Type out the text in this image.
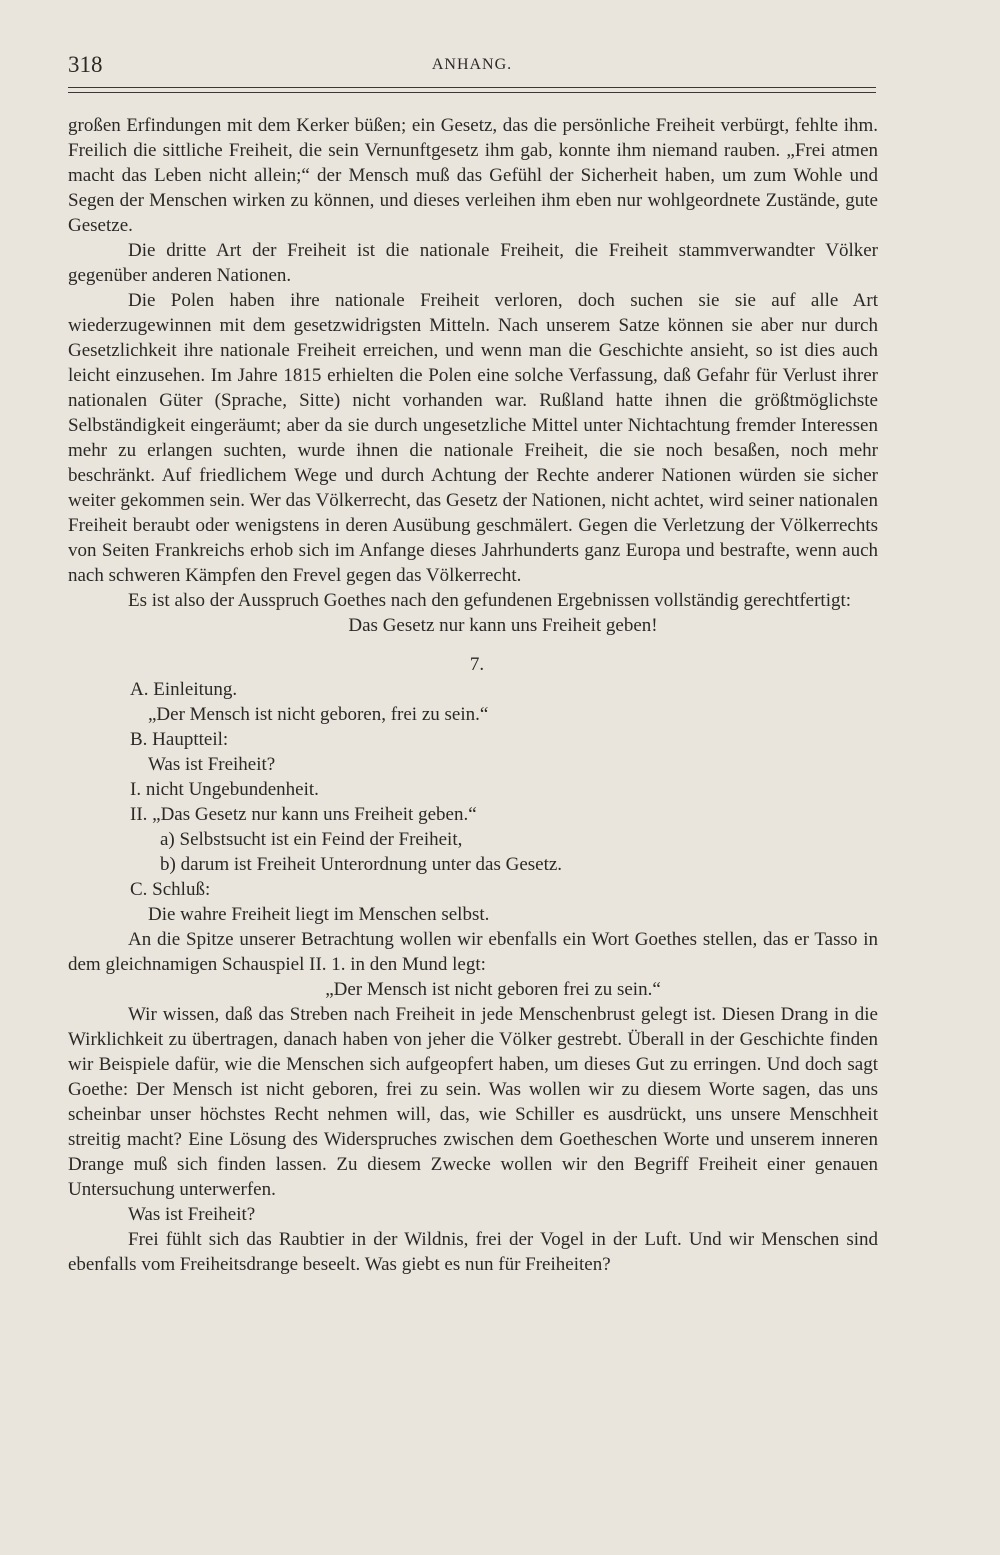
318	ANHANG.

großen Erfindungen mit dem Kerker büßen; ein Gesetz, das die persönliche Freiheit verbürgt, fehlte ihm. Freilich die sittliche Freiheit, die sein Vernunftgesetz ihm gab, konnte ihm niemand rauben. „Frei atmen macht das Leben nicht allein;“ der Mensch muß das Gefühl der Sicherheit haben, um zum Wohle und Segen der Menschen wirken zu können, und dieses verleihen ihm eben nur wohlgeordnete Zustände, gute Gesetze.

Die dritte Art der Freiheit ist die nationale Freiheit, die Freiheit stammverwandter Völker gegenüber anderen Nationen.

Die Polen haben ihre nationale Freiheit verloren, doch suchen sie sie auf alle Art wiederzugewinnen mit dem gesetzwidrigsten Mitteln. Nach unserem Satze können sie aber nur durch Gesetzlichkeit ihre nationale Freiheit erreichen, und wenn man die Geschichte ansieht, so ist dies auch leicht einzusehen. Im Jahre 1815 erhielten die Polen eine solche Verfassung, daß Gefahr für Verlust ihrer nationalen Güter (Sprache, Sitte) nicht vorhanden war. Rußland hatte ihnen die größtmöglichste Selbständigkeit eingeräumt; aber da sie durch ungesetzliche Mittel unter Nichtachtung fremder Interessen mehr zu erlangen suchten, wurde ihnen die nationale Freiheit, die sie noch besaßen, noch mehr beschränkt. Auf friedlichem Wege und durch Achtung der Rechte anderer Nationen würden sie sicher weiter gekommen sein. Wer das Völkerrecht, das Gesetz der Nationen, nicht achtet, wird seiner nationalen Freiheit beraubt oder wenigstens in deren Ausübung geschmälert. Gegen die Verletzung der Völkerrechts von Seiten Frankreichs erhob sich im Anfange dieses Jahrhunderts ganz Europa und bestrafte, wenn auch nach schweren Kämpfen den Frevel gegen das Völkerrecht.

Es ist also der Ausspruch Goethes nach den gefundenen Ergebnissen vollständig gerechtfertigt:

Das Gesetz nur kann uns Freiheit geben!

7.

A. Einleitung.

„Der Mensch ist nicht geboren, frei zu sein.“

B. Hauptteil:

Was ist Freiheit?

I. nicht Ungebundenheit.

II. „Das Gesetz nur kann uns Freiheit geben.“

a) Selbstsucht ist ein Feind der Freiheit,

b) darum ist Freiheit Unterordnung unter das Gesetz.

C. Schluß:

Die wahre Freiheit liegt im Menschen selbst.

An die Spitze unserer Betrachtung wollen wir ebenfalls ein Wort Goethes stellen, das er Tasso in dem gleichnamigen Schauspiel II. 1. in den Mund legt:

„Der Mensch ist nicht geboren frei zu sein.“

Wir wissen, daß das Streben nach Freiheit in jede Menschenbrust gelegt ist. Diesen Drang in die Wirklichkeit zu übertragen, danach haben von jeher die Völker gestrebt. Überall in der Geschichte finden wir Beispiele dafür, wie die Menschen sich aufgeopfert haben, um dieses Gut zu erringen. Und doch sagt Goethe: Der Mensch ist nicht geboren, frei zu sein. Was wollen wir zu diesem Worte sagen, das uns scheinbar unser höchstes Recht nehmen will, das, wie Schiller es ausdrückt, uns unsere Menschheit streitig macht? Eine Lösung des Widerspruches zwischen dem Goetheschen Worte und unserem inneren Drange muß sich finden lassen. Zu diesem Zwecke wollen wir den Begriff Freiheit einer genauen Untersuchung unterwerfen.

Was ist Freiheit?

Frei fühlt sich das Raubtier in der Wildnis, frei der Vogel in der Luft. Und wir Menschen sind ebenfalls vom Freiheitsdrange beseelt. Was giebt es nun für Freiheiten?
